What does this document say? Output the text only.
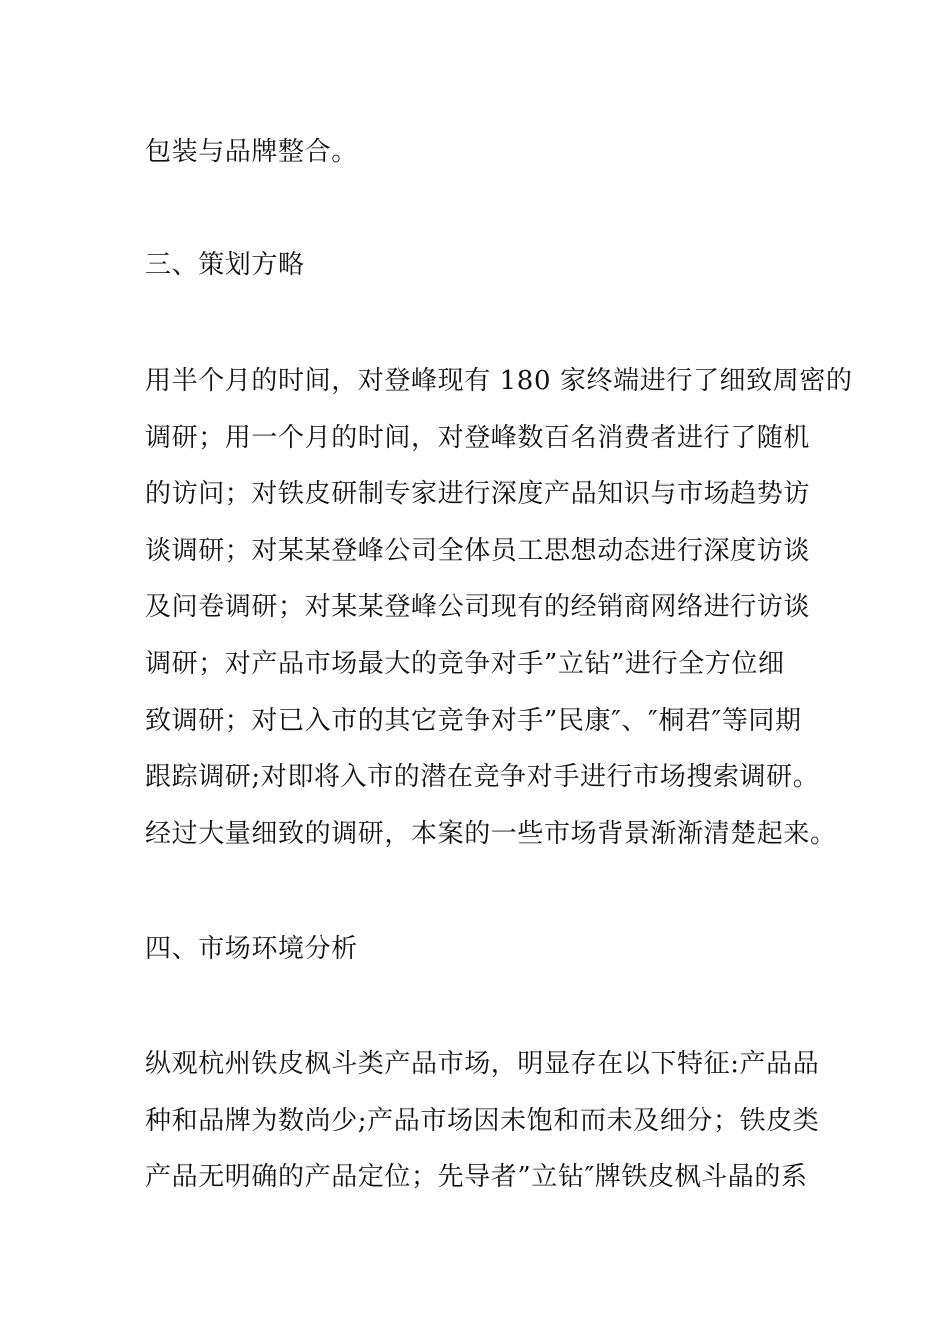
包装与品牌整合。
三、策划方略
用半个月的时间，对登峰现有 180 家终端进行了细致周密的
调研；用一个月的时间，对登峰数百名消费者进行了随机
的访问；对铁皮研制专家进行深度产品知识与市场趋势访
谈调研；对某某登峰公司全体员工思想动态进行深度访谈
及问卷调研；对某某登峰公司现有的经销商网络进行访谈
调研；对产品市场最大的竞争对手”立钻”进行全方位细
致调研；对已入市的其它竞争对手”民康″、″桐君″等同期
跟踪调研;对即将入市的潜在竞争对手进行市场搜索调研。
经过大量细致的调研，本案的一些市场背景渐渐清楚起来。
四、市场环境分析
纵观杭州铁皮枫斗类产品市场，明显存在以下特征:产品品
种和品牌为数尚少;产品市场因未饱和而未及细分；铁皮类
产品无明确的产品定位；先导者”立钻″牌铁皮枫斗晶的系
